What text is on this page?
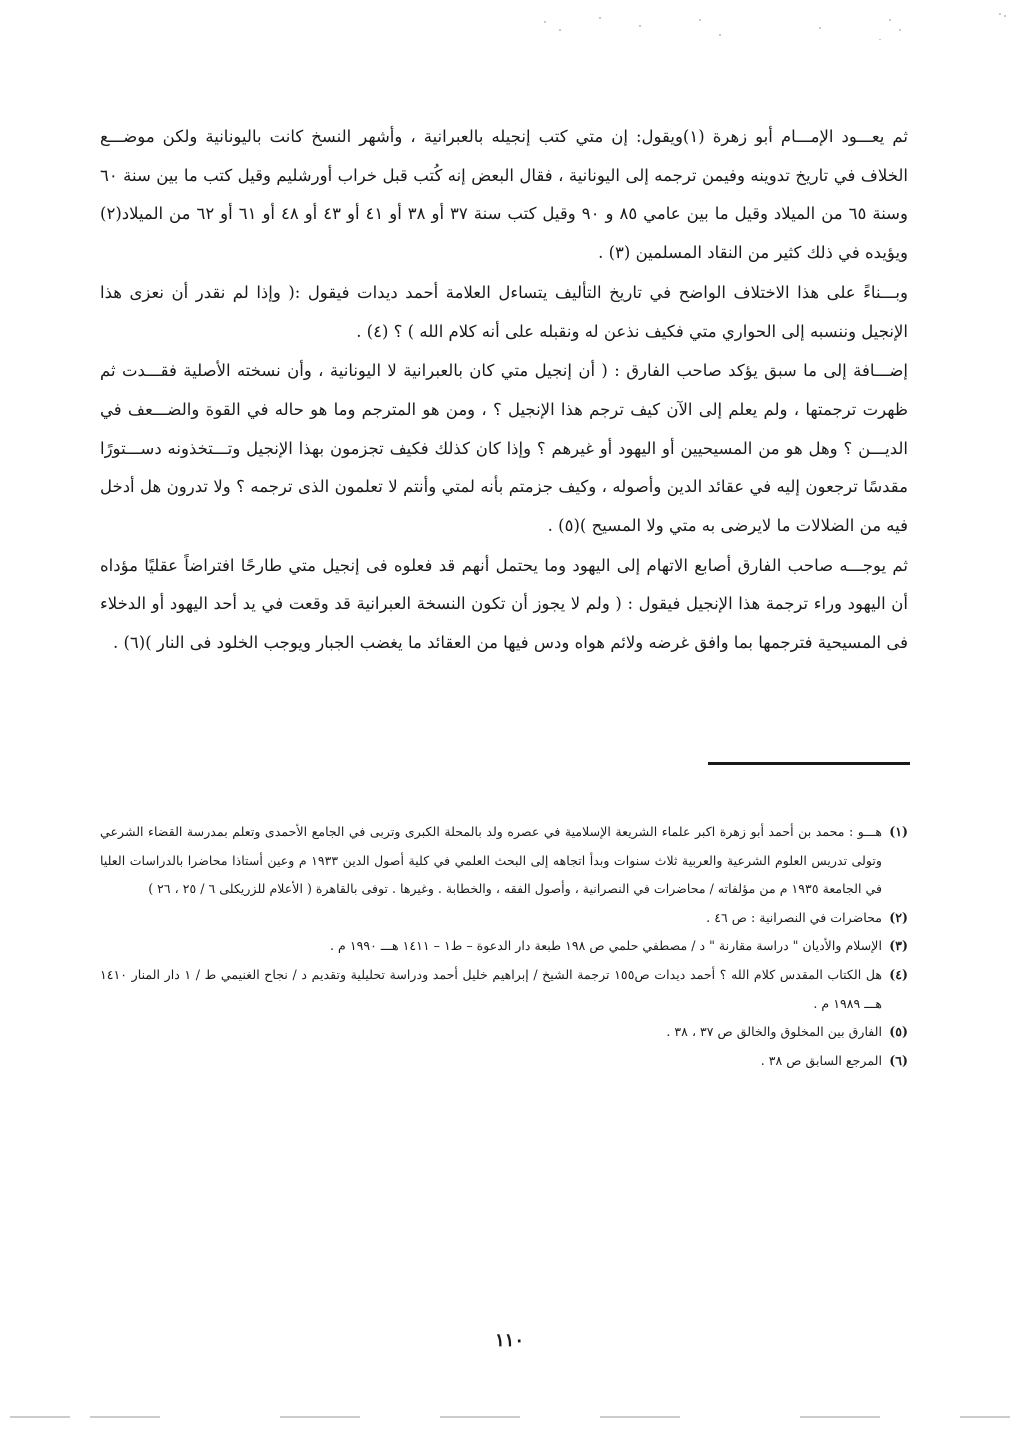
ثم يعـــود الإمـــام أبو زهرة (١)ويقول: إن متي كتب إنجيله بالعبرانية ، وأشهر النسخ كانت باليونانية ولكن موضـــع الخلاف في تاريخ تدوينه وفيمن ترجمه إلى اليونانية ، فقال البعض إنه كُتب قبل خراب أورشليم وقيل كتب ما بين سنة ٦٠ وسنة ٦٥ من الميلاد وقيل ما بين عامي ٨٥ و ٩٠ وقيل كتب سنة ٣٧ أو ٣٨ أو ٤١ أو ٤٣ أو ٤٨ أو ٦١ أو ٦٢ من الميلاد(٢) ويؤيده في ذلك كثير من النقاد المسلمين (٣) .

وبـــناءً على هذا الاختلاف الواضح في تاريخ التأليف يتساءل العلامة أحمد ديدات فيقول :( وإذا لم نقدر أن نعزى هذا الإنجيل وننسبه إلى الحواري متي فكيف نذعن له ونقبله على أنه كلام الله ) ؟ (٤) .

إضـــافة إلى ما سبق يؤكد صاحب الفارق : ( أن إنجيل متي كان بالعبرانية لا اليونانية ، وأن نسخته الأصلية فقـــدت ثم ظهرت ترجمتها ، ولم يعلم إلى الآن كيف ترجم هذا الإنجيل ؟ ، ومن هو المترجم وما هو حاله في القوة والضـــعف في الديـــن ؟ وهل هو من المسيحيين أو اليهود أو غيرهم ؟ وإذا كان كذلك فكيف تجزمون بهذا الإنجيل وتـــتخذونه دســـتورًا مقدسًا ترجعون إليه في عقائد الدين وأصوله ، وكيف جزمتم بأنه لمتي وأنتم لا تعلمون الذى ترجمه ؟ ولا تدرون هل أدخل فيه من الضلالات ما لايرضى به متي ولا المسيح )(٥) .

ثم يوجـــه صاحب الفارق أصابع الاتهام إلى اليهود وما يحتمل أنهم قد فعلوه فى إنجيل متي طارحًا افتراضاً عقليًا مؤداه أن اليهود وراء ترجمة هذا الإنجيل فيقول : ( ولم لا يجوز أن تكون النسخة العبرانية قد وقعت في يد أحد اليهود أو الدخلاء فى المسيحية فترجمها بما وافق غرضه ولائم هواه ودس فيها من العقائد ما يغضب الجبار ويوجب الخلود فى النار )(٦) .

(١)
هـــو : محمد بن أحمد أبو زهرة اكبر علماء الشريعة الإسلامية في عصره ولد بالمحلة الكبرى وتربى في الجامع الأحمدى وتعلم بمدرسة القضاء الشرعي وتولى تدريس العلوم الشرعية والعربية ثلاث سنوات وبدأ اتجاهه إلى البحث العلمي في كلية أصول الدين ١٩٣٣ م وعين أستاذا محاضرا بالدراسات العليا في الجامعة ١٩٣٥ م من مؤلفاته / محاضرات في النصرانية ، وأصول الفقه ، والخطابة . وغيرها . توفى بالقاهرة ( الأعلام للزريكلى ٦ / ٢٥ ، ٢٦ )
(٢)
محاضرات في النصرانية : ص ٤٦ .
(٣)
الإسلام والأديان " دراسة مقارنة " د / مصطفي حلمي ص ١٩٨ طبعة دار الدعوة – ط١ – ١٤١١ هـــ ١٩٩٠ م .
(٤)
هل الكتاب المقدس كلام الله ؟ أحمد ديدات ص١٥٥ ترجمة الشيخ / إبراهيم خليل أحمد ودراسة تحليلية وتقديم د / نجاح الغنيمي ط / ١ دار المنار ١٤١٠ هـــ ١٩٨٩ م .
(٥)
الفارق بين المخلوق والخالق ص ٣٧ ، ٣٨ .
(٦)
المرجع السابق ص ٣٨ .
١١٠
